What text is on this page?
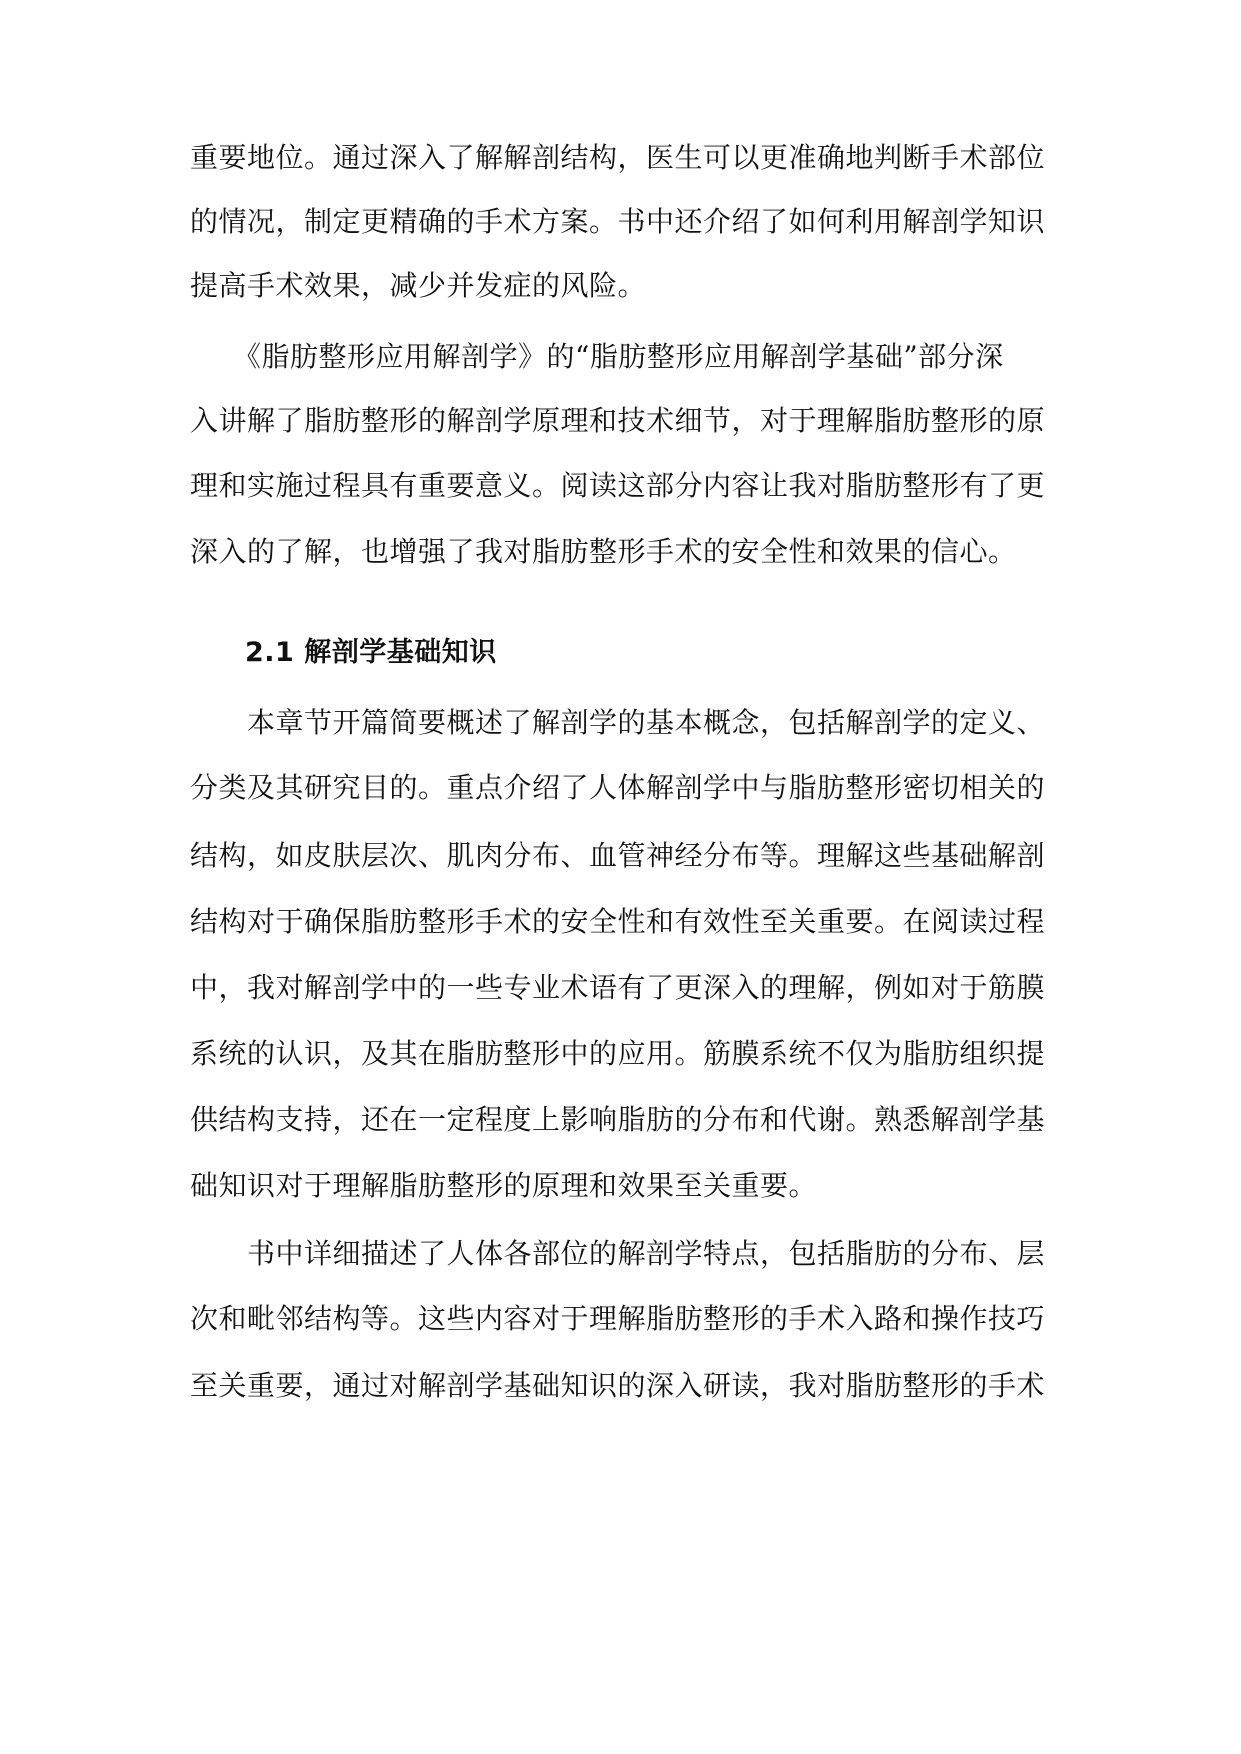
重要地位。通过深入了解解剖结构，医生可以更准确地判断手术部位
的情况，制定更精确的手术方案。书中还介绍了如何利用解剖学知识
提高手术效果，减少并发症的风险。
　　《脂肪整形应用解剖学》的“脂肪整形应用解剖学基础”部分深
入讲解了脂肪整形的解剖学原理和技术细节，对于理解脂肪整形的原
理和实施过程具有重要意义。阅读这部分内容让我对脂肪整形有了更
深入的了解，也增强了我对脂肪整形手术的安全性和效果的信心。
　　2.1 解剖学基础知识
　　本章节开篇简要概述了解剖学的基本概念，包括解剖学的定义、
分类及其研究目的。重点介绍了人体解剖学中与脂肪整形密切相关的
结构，如皮肤层次、肌肉分布、血管神经分布等。理解这些基础解剖
结构对于确保脂肪整形手术的安全性和有效性至关重要。在阅读过程
中，我对解剖学中的一些专业术语有了更深入的理解，例如对于筋膜
系统的认识，及其在脂肪整形中的应用。筋膜系统不仅为脂肪组织提
供结构支持，还在一定程度上影响脂肪的分布和代谢。熟悉解剖学基
础知识对于理解脂肪整形的原理和效果至关重要。
　　书中详细描述了人体各部位的解剖学特点，包括脂肪的分布、层
次和毗邻结构等。这些内容对于理解脂肪整形的手术入路和操作技巧
至关重要，通过对解剖学基础知识的深入研读，我对脂肪整形的手术
